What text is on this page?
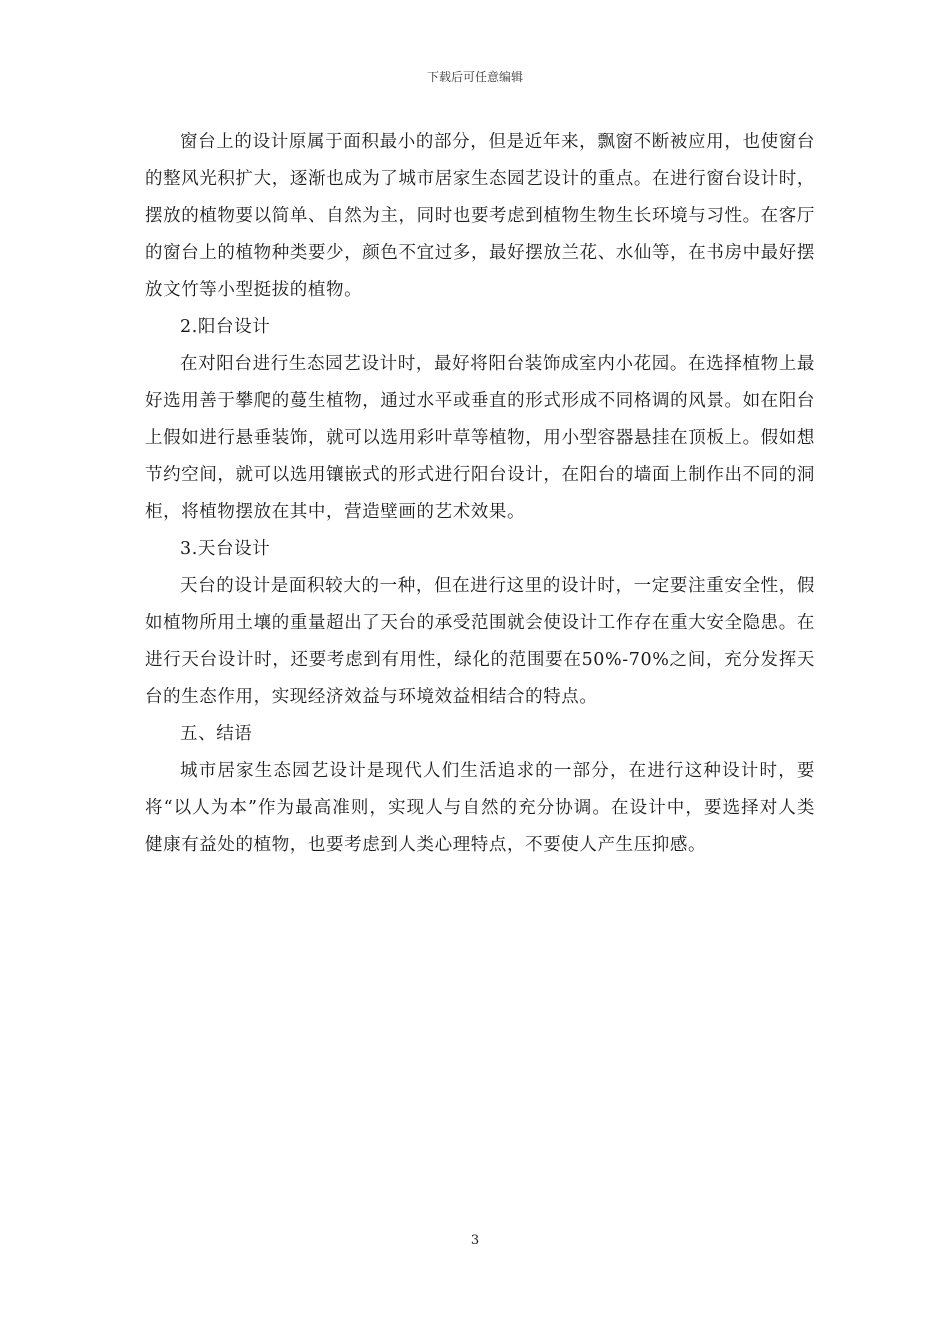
下载后可任意编辑

窗台上的设计原属于面积最小的部分，但是近年来，飘窗不断被应用，也使窗台的整风光积扩大，逐渐也成为了城市居家生态园艺设计的重点。在进行窗台设计时，摆放的植物要以简单、自然为主，同时也要考虑到植物生物生长环境与习性。在客厅的窗台上的植物种类要少，颜色不宜过多，最好摆放兰花、水仙等，在书房中最好摆放文竹等小型挺拔的植物。

2.阳台设计

在对阳台进行生态园艺设计时，最好将阳台装饰成室内小花园。在选择植物上最好选用善于攀爬的蔓生植物，通过水平或垂直的形式形成不同格调的风景。如在阳台上假如进行悬垂装饰，就可以选用彩叶草等植物，用小型容器悬挂在顶板上。假如想节约空间，就可以选用镶嵌式的形式进行阳台设计，在阳台的墙面上制作出不同的洞柜，将植物摆放在其中，营造壁画的艺术效果。

3.天台设计

天台的设计是面积较大的一种，但在进行这里的设计时，一定要注重安全性，假如植物所用土壤的重量超出了天台的承受范围就会使设计工作存在重大安全隐患。在进行天台设计时，还要考虑到有用性，绿化的范围要在50%-70%之间，充分发挥天台的生态作用，实现经济效益与环境效益相结合的特点。

五、结语

城市居家生态园艺设计是现代人们生活追求的一部分，在进行这种设计时，要将“以人为本”作为最高准则，实现人与自然的充分协调。在设计中，要选择对人类健康有益处的植物，也要考虑到人类心理特点，不要使人产生压抑感。

3
